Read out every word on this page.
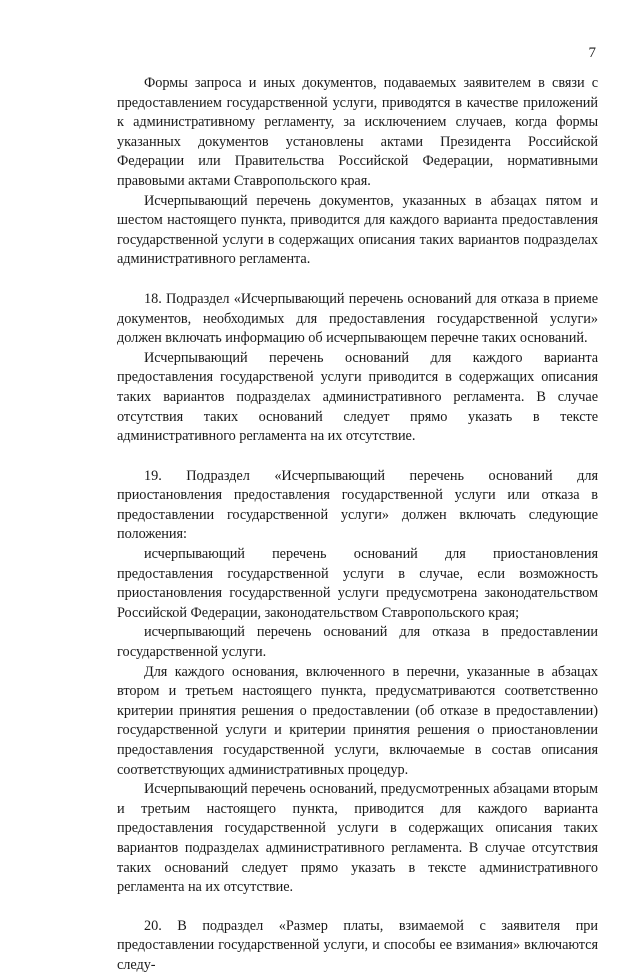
7

Формы запроса и иных документов, подаваемых заявителем в связи с предоставлением государственной услуги, приводятся в качестве приложений к административному регламенту, за исключением случаев, когда формы указанных документов установлены актами Президента Российской Федерации или Правительства Российской Федерации, нормативными правовыми актами Ставропольского края.

Исчерпывающий перечень документов, указанных в абзацах пятом и шестом настоящего пункта, приводится для каждого варианта предоставления государственной услуги в содержащих описания таких вариантов подразделах административного регламента.

18. Подраздел «Исчерпывающий перечень оснований для отказа в приеме документов, необходимых для предоставления государственной услуги» должен включать информацию об исчерпывающем перечне таких оснований.

Исчерпывающий перечень оснований для каждого варианта предоставления государственой услуги приводится в содержащих описания таких вариантов подразделах административного регламента. В случае отсутствия таких оснований следует прямо указать в тексте административного регламента на их отсутствие.

19. Подраздел «Исчерпывающий перечень оснований для приостановления предоставления государственной услуги или отказа в предоставлении государственной услуги» должен включать следующие положения:

исчерпывающий перечень оснований для приостановления предоставления государственной услуги в случае, если возможность приостановления государственной услуги предусмотрена законодательством Российской Федерации, законодательством Ставропольского края;

исчерпывающий перечень оснований для отказа в предоставлении государственной услуги.

Для каждого основания, включенного в перечни, указанные в абзацах втором и третьем настоящего пункта, предусматриваются соответственно критерии принятия решения о предоставлении (об отказе в предоставлении) государственной услуги и критерии принятия решения о приостановлении предоставления государственной услуги, включаемые в состав описания соответствующих административных процедур.

Исчерпывающий перечень оснований, предусмотренных абзацами вторым и третьим настоящего пункта, приводится для каждого варианта предоставления государственной услуги в содержащих описания таких вариантов подразделах административного регламента. В случае отсутствия таких оснований следует прямо указать в тексте административного регламента на их отсутствие.

20. В подраздел «Размер платы, взимаемой с заявителя при предоставлении государственной услуги, и способы ее взимания» включаются следу-
